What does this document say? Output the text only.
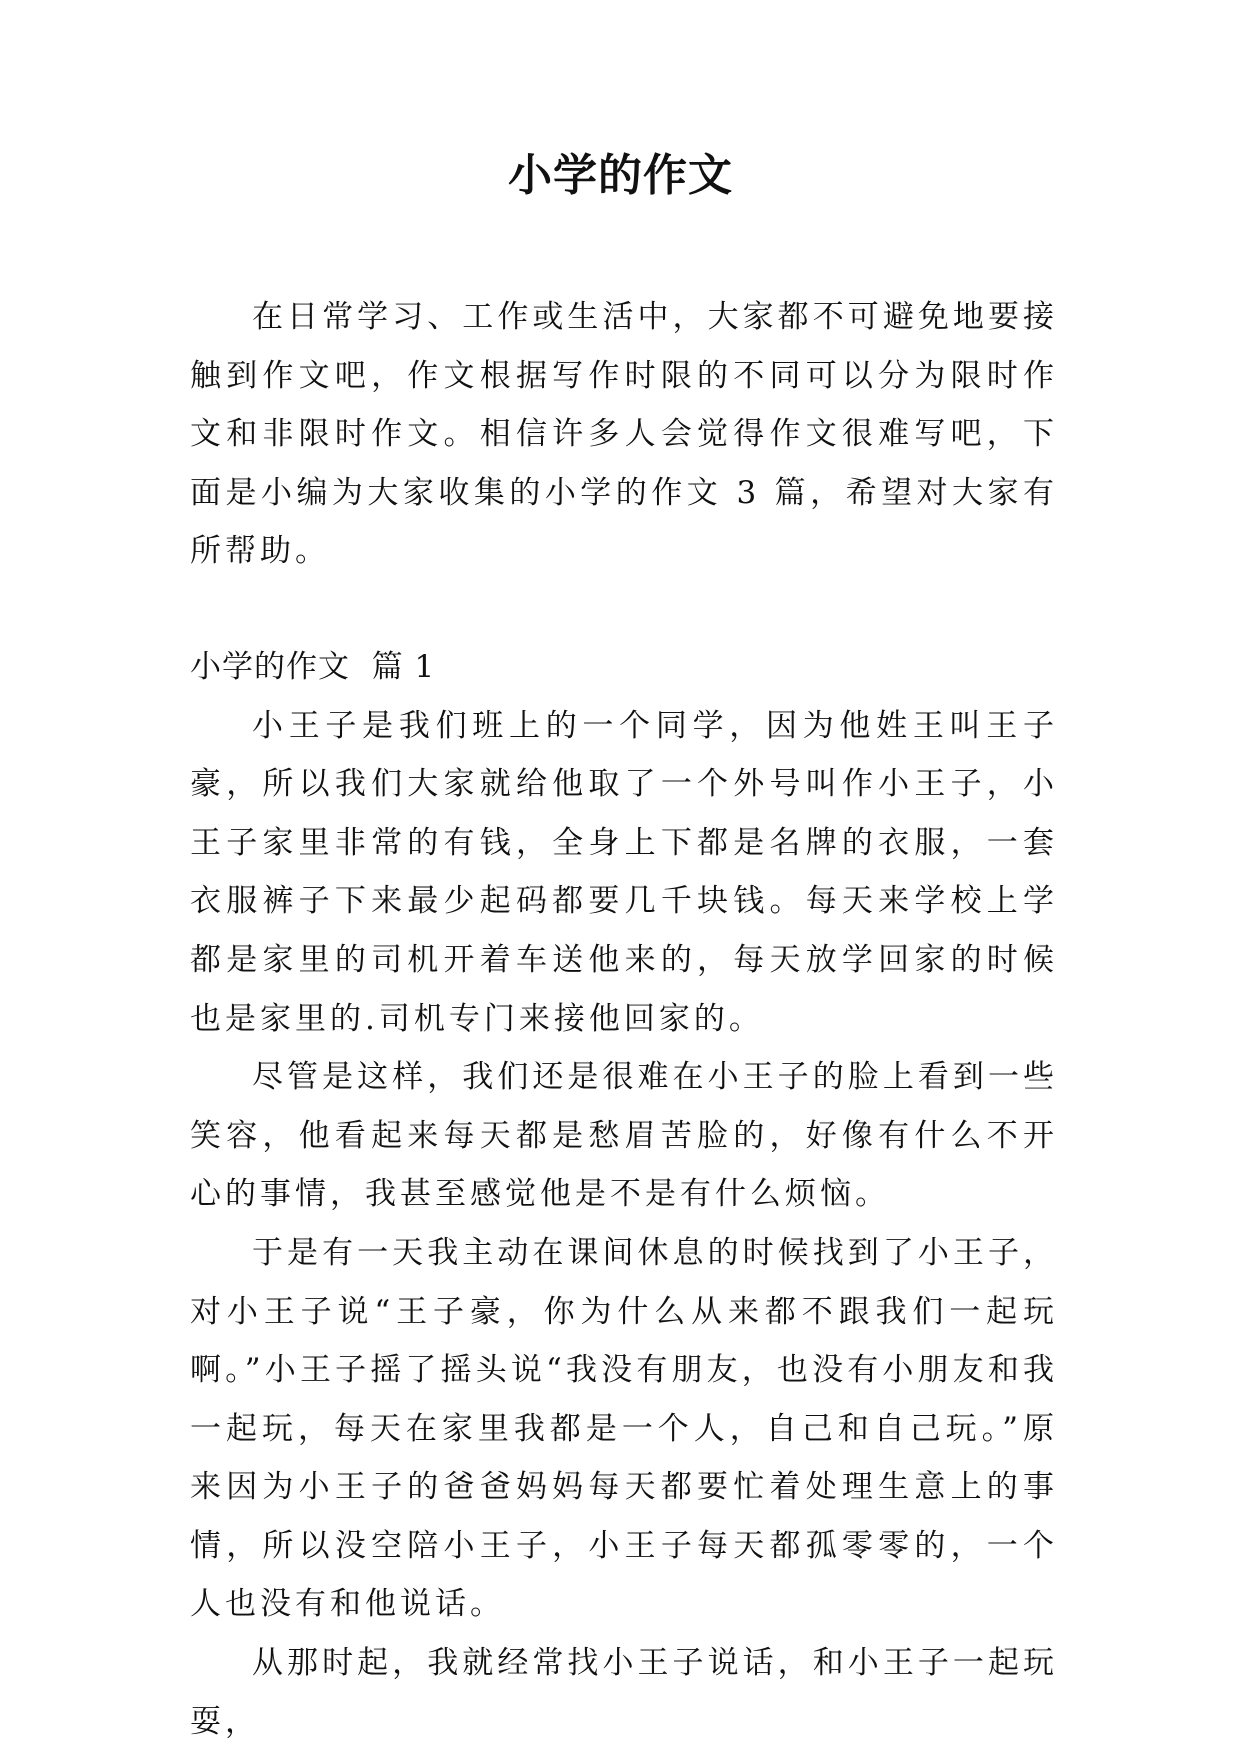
小学的作文

在日常学习、工作或生活中，大家都不可避免地要接触到作文吧，作文根据写作时限的不同可以分为限时作文和非限时作文。相信许多人会觉得作文很难写吧，下面是小编为大家收集的小学的作文 3 篇，希望对大家有所帮助。

小学的作文  篇 1

小王子是我们班上的一个同学，因为他姓王叫王子豪，所以我们大家就给他取了一个外号叫作小王子，小王子家里非常的有钱，全身上下都是名牌的衣服，一套衣服裤子下来最少起码都要几千块钱。每天来学校上学都是家里的司机开着车送他来的，每天放学回家的时候也是家里的.司机专门来接他回家的。

尽管是这样，我们还是很难在小王子的脸上看到一些笑容，他看起来每天都是愁眉苦脸的，好像有什么不开心的事情，我甚至感觉他是不是有什么烦恼。

于是有一天我主动在课间休息的时候找到了小王子，对小王子说“王子豪，你为什么从来都不跟我们一起玩啊。”小王子摇了摇头说“我没有朋友，也没有小朋友和我一起玩，每天在家里我都是一个人，自己和自己玩。”原来因为小王子的爸爸妈妈每天都要忙着处理生意上的事情，所以没空陪小王子，小王子每天都孤零零的，一个人也没有和他说话。

从那时起，我就经常找小王子说话，和小王子一起玩耍，
